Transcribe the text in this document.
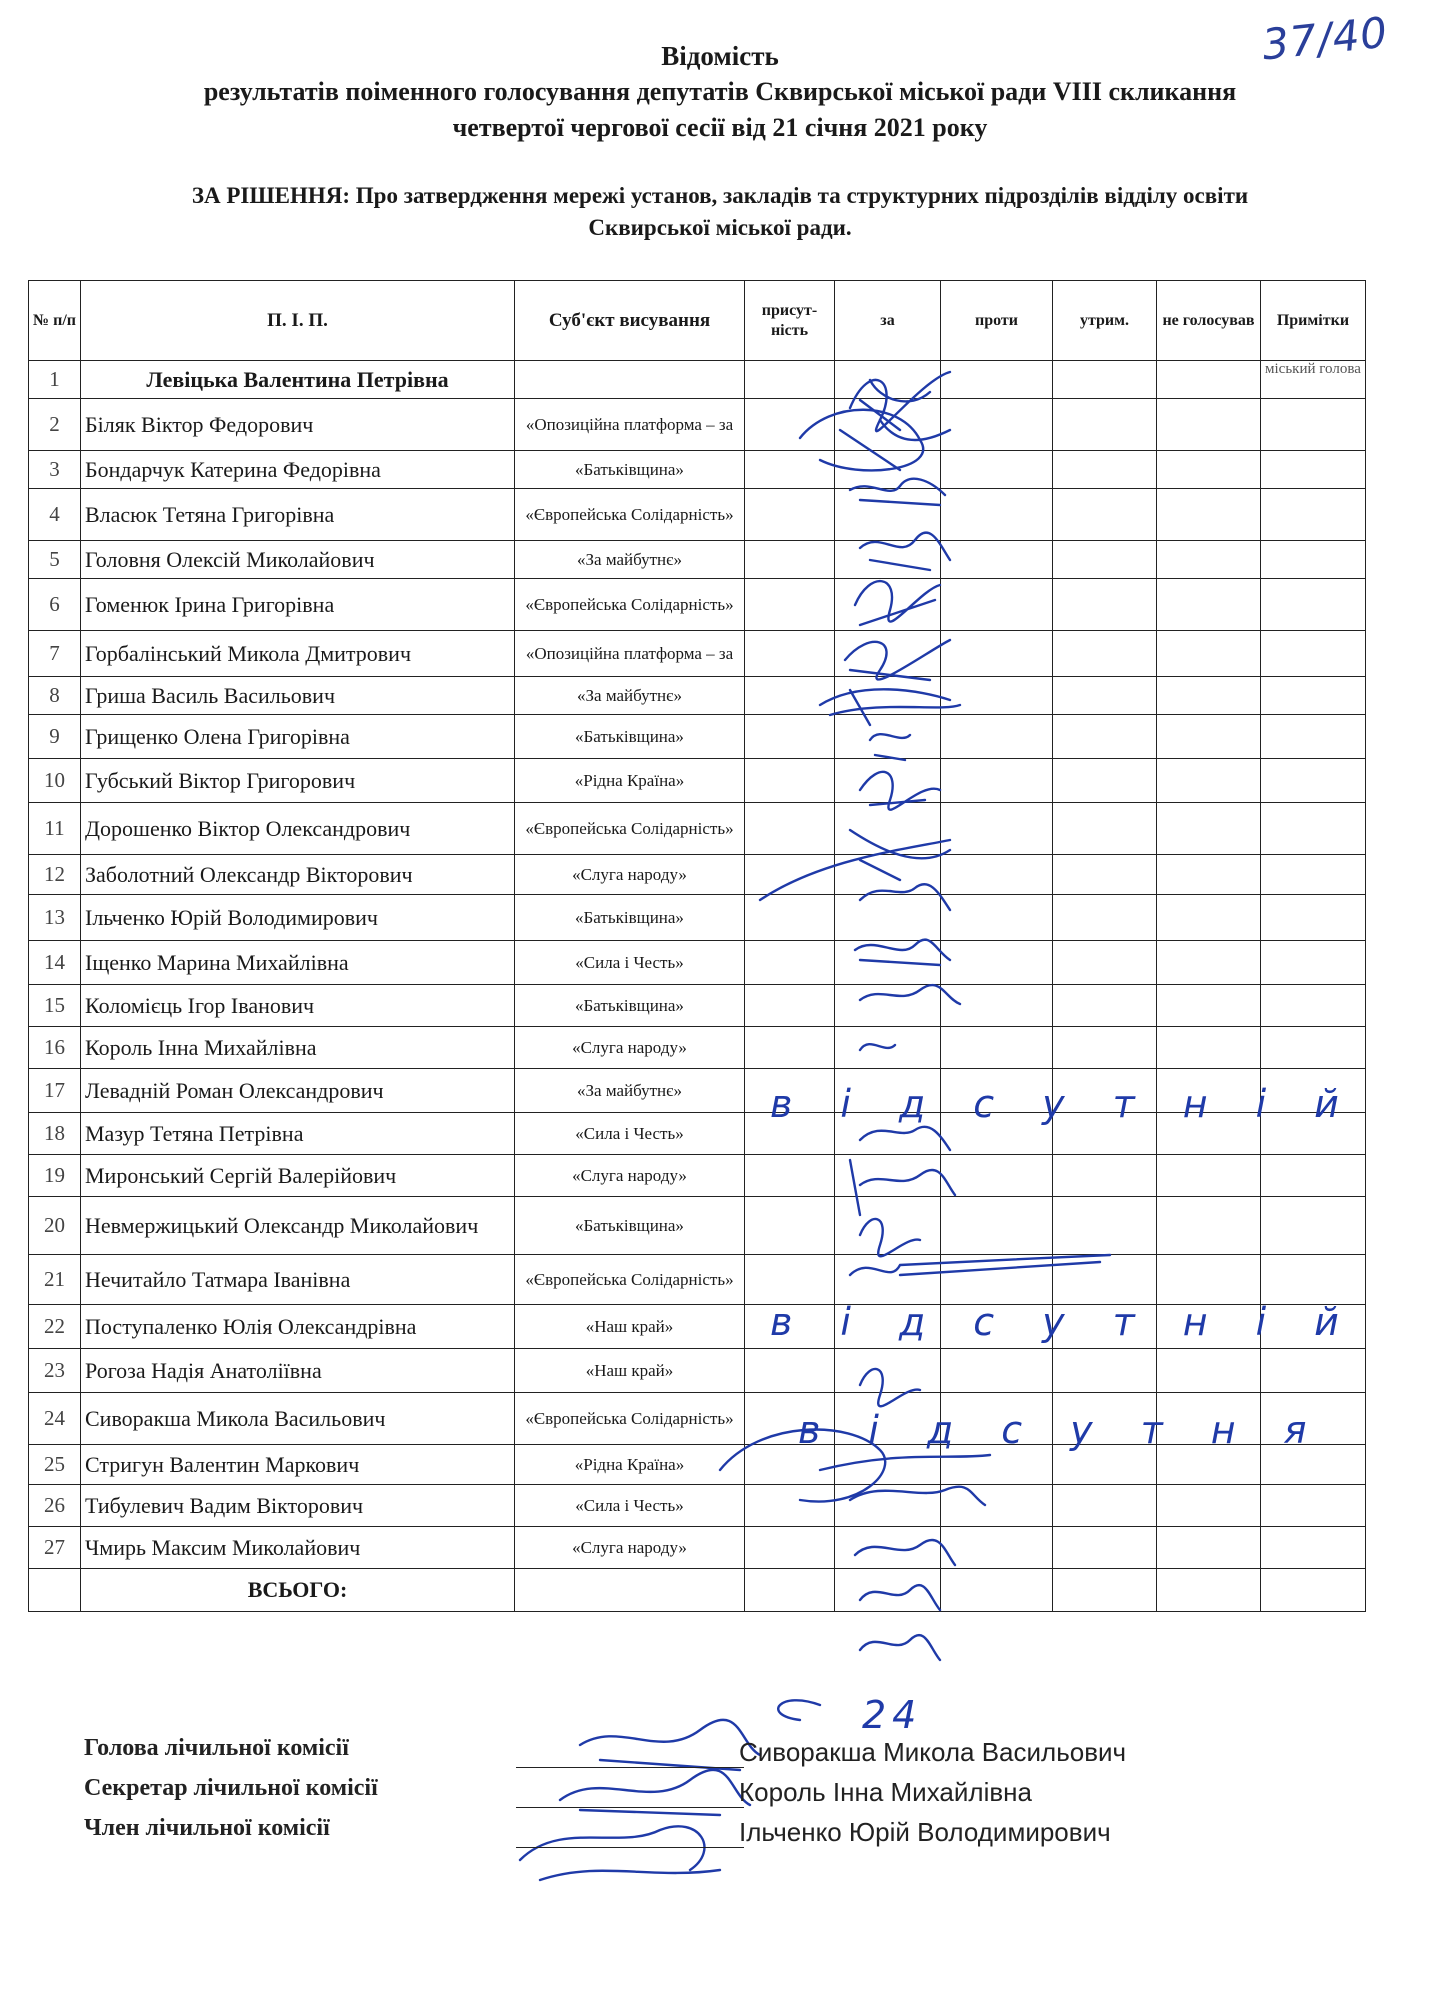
37/40
Відомість
результатів поіменного голосування депутатів Сквирської міської ради VIII скликання
четвертої чергової сесії від 21 січня 2021 року
ЗА РІШЕННЯ: Про затвердження мережі установ, закладів та структурних підрозділів відділу освіти
Сквирської міської ради.
№ п/п	П. І. П.	Суб'єкт висування	присут-ність	за	проти	утрим.	не голосував	Примітки
1	Левіцька Валентина Петрівна							міський голова
2	Біляк Віктор Федорович	«Опозиційна платформа – за						
3	Бондарчук Катерина Федорівна	«Батьківщина»						
4	Власюк Тетяна Григорівна	«Європейська Солідарність»						
5	Головня Олексій Миколайович	«За майбутнє»						
6	Гоменюк Ірина Григорівна	«Європейська Солідарність»						
7	Горбалінський Микола Дмитрович	«Опозиційна платформа – за						
8	Гриша Василь Васильович	«За майбутнє»						
9	Грищенко Олена Григорівна	«Батьківщина»						
10	Губський Віктор Григорович	«Рідна Країна»						
11	Дорошенко Віктор Олександрович	«Європейська Солідарність»						
12	Заболотний Олександр Вікторович	«Слуга народу»						
13	Ільченко Юрій Володимирович	«Батьківщина»						
14	Іщенко Марина Михайлівна	«Сила і Честь»						
15	Коломієць Ігор Іванович	«Батьківщина»						
16	Король Інна Михайлівна	«Слуга народу»						
17	Левадній Роман Олександрович	«За майбутнє»						
18	Мазур Тетяна Петрівна	«Сила і Честь»						
19	Миронський Сергій Валерійович	«Слуга народу»						
20	Невмержицький Олександр Миколайович	«Батьківщина»						
21	Нечитайло Татмара Іванівна	«Європейська Солідарність»						
22	Поступаленко Юлія Олександрівна	«Наш край»						
23	Рогоза Надія Анатоліївна	«Наш край»						
24	Сиворакша Микола Васильович	«Європейська Солідарність»						
25	Стригун Валентин Маркович	«Рідна Країна»						
26	Тибулевич Вадим Вікторович	«Сила і Честь»						
27	Чмирь Максим Миколайович	«Слуга народу»						
	ВСЬОГО:							
відсутній
відсутній
відсутня
24
Голова лічильної комісії	Сиворакша Микола Васильович
Секретар лічильної комісії	Король Інна Михайлівна
Член лічильної комісії	Ільченко Юрій Володимирович
